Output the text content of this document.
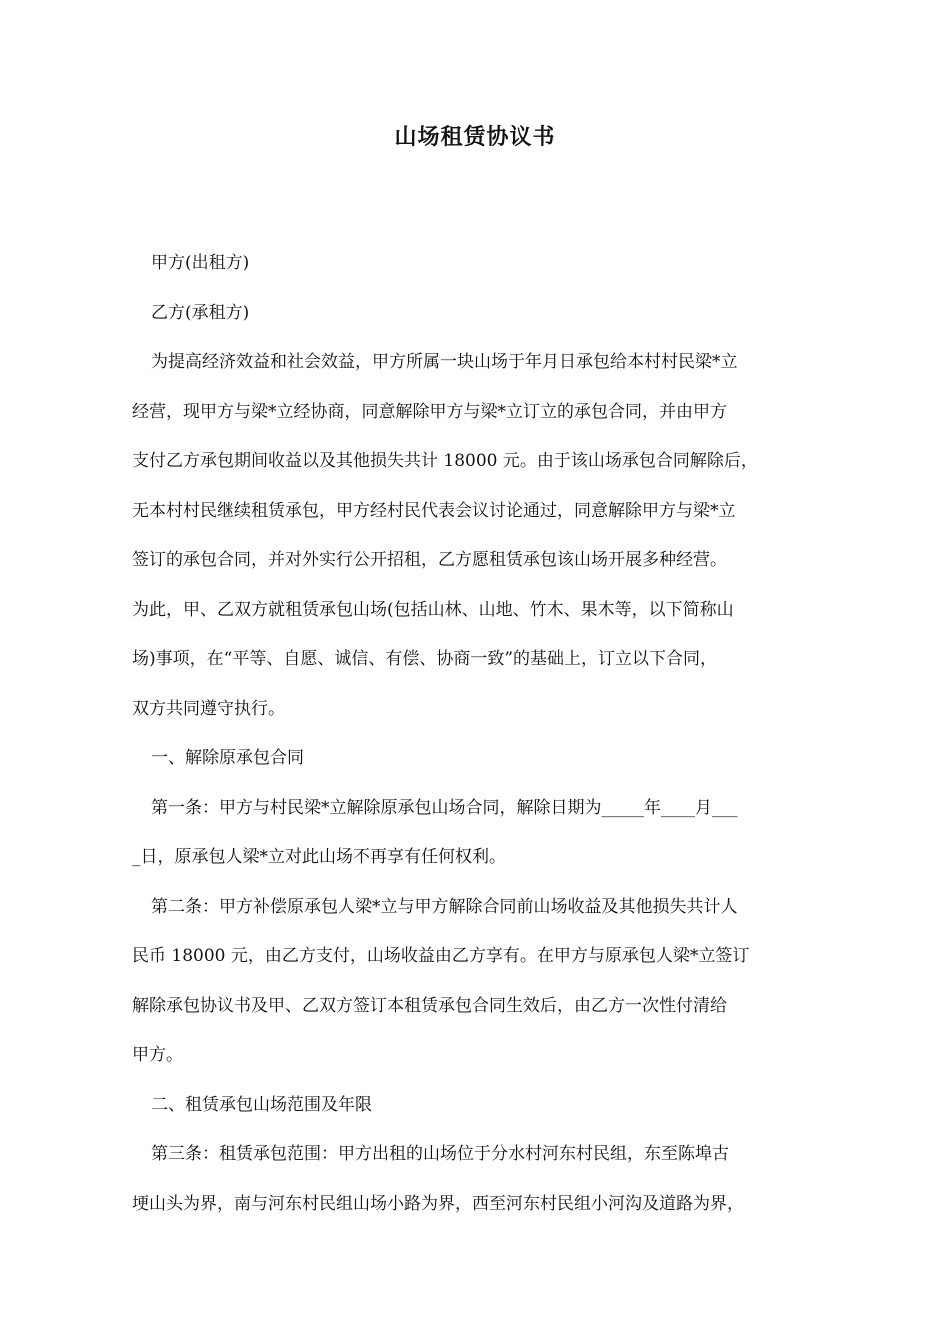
山场租赁协议书

甲方(出租方)

乙方(承租方)

为提高经济效益和社会效益，甲方所属一块山场于年月日承包给本村村民梁*立
经营，现甲方与梁*立经协商，同意解除甲方与梁*立订立的承包合同，并由甲方
支付乙方承包期间收益以及其他损失共计 18000 元。由于该山场承包合同解除后，
无本村村民继续租赁承包，甲方经村民代表会议讨论通过，同意解除甲方与梁*立
签订的承包合同，并对外实行公开招租，乙方愿租赁承包该山场开展多种经营。
为此，甲、乙双方就租赁承包山场(包括山林、山地、竹木、果木等，以下简称山
场)事项，在“平等、自愿、诚信、有偿、协商一致”的基础上，订立以下合同，
双方共同遵守执行。

一、解除原承包合同

第一条：甲方与村民梁*立解除原承包山场合同，解除日期为_____年____月___
_日，原承包人梁*立对此山场不再享有任何权利。

第二条：甲方补偿原承包人梁*立与甲方解除合同前山场收益及其他损失共计人
民币 18000 元，由乙方支付，山场收益由乙方享有。在甲方与原承包人梁*立签订
解除承包协议书及甲、乙双方签订本租赁承包合同生效后，由乙方一次性付清给
甲方。

二、租赁承包山场范围及年限

第三条：租赁承包范围：甲方出租的山场位于分水村河东村民组，东至陈埠古
埂山头为界，南与河东村民组山场小路为界，西至河东村民组小河沟及道路为界，
